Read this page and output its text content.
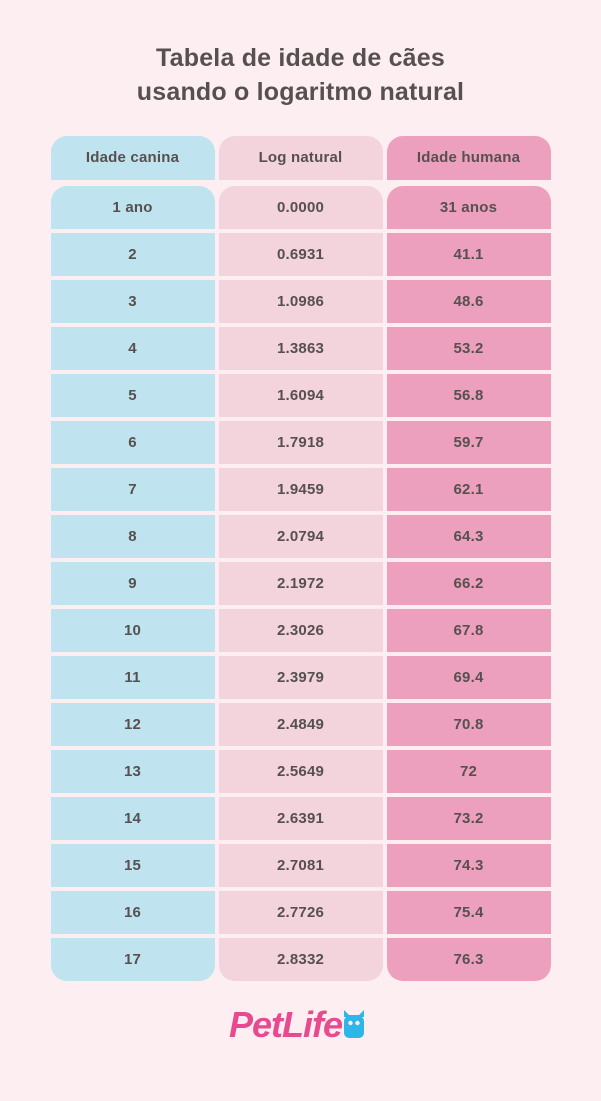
Tabela de idade de cães
usando o logaritmo natural
Idade canina	Log natural	Idade humana
1 ano	0.0000	31 anos
2	0.6931	41.1
3	1.0986	48.6
4	1.3863	53.2
5	1.6094	56.8
6	1.7918	59.7
7	1.9459	62.1
8	2.0794	64.3
9	2.1972	66.2
10	2.3026	67.8
11	2.3979	69.4
12	2.4849	70.8
13	2.5649	72
14	2.6391	73.2
15	2.7081	74.3
16	2.7726	75.4
17	2.8332	76.3
PetLife
